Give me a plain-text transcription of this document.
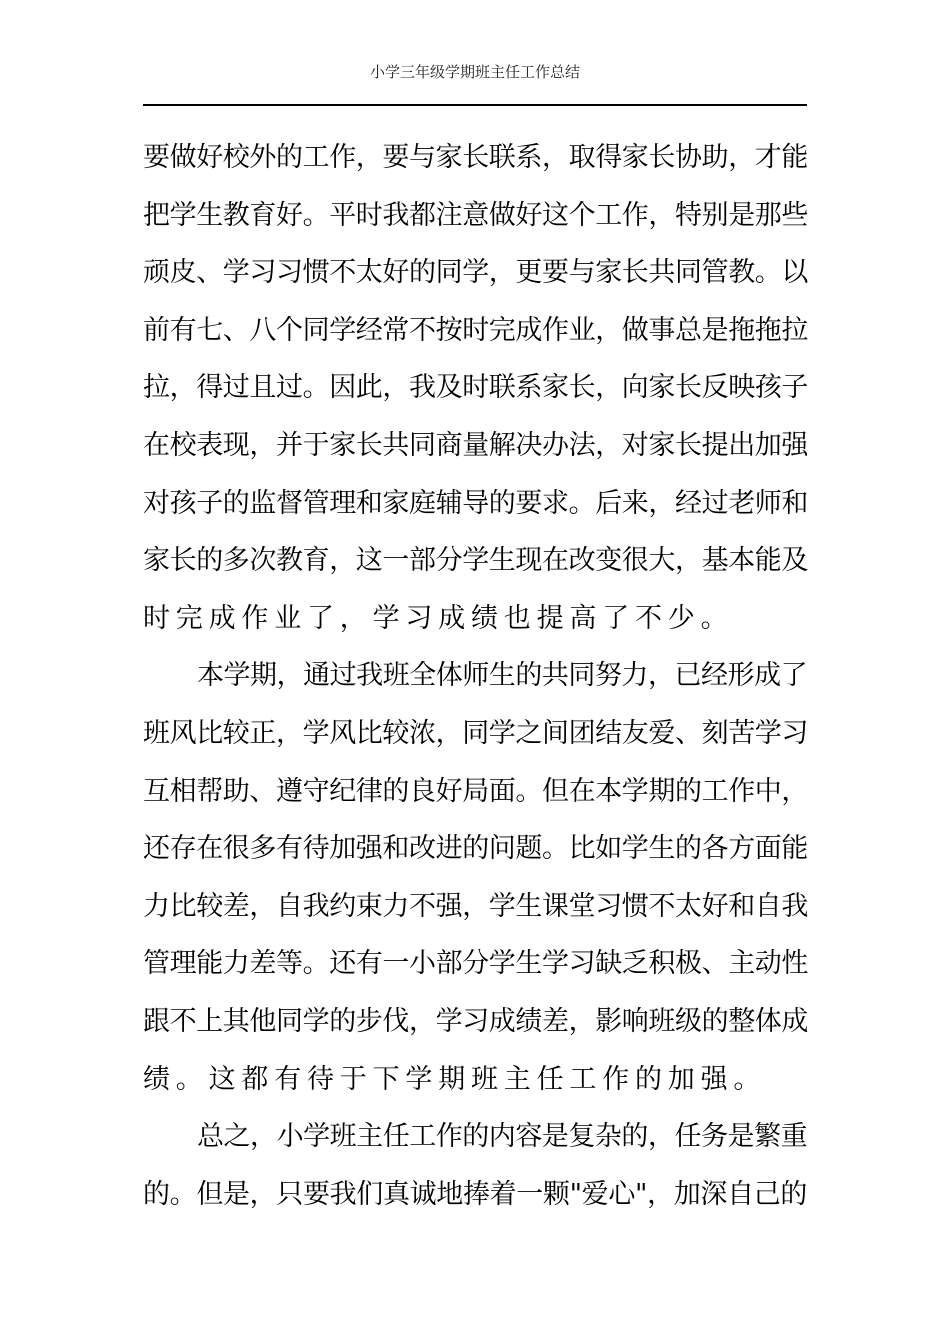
小学三年级学期班主任工作总结
要做好校外的工作，要与家长联系，取得家长协助，才能
把学生教育好。平时我都注意做好这个工作，特别是那些
顽皮、学习习惯不太好的同学，更要与家长共同管教。以
前有七、八个同学经常不按时完成作业，做事总是拖拖拉
拉，得过且过。因此，我及时联系家长，向家长反映孩子
在校表现，并于家长共同商量解决办法，对家长提出加强
对孩子的监督管理和家庭辅导的要求。后来，经过老师和
家长的多次教育，这一部分学生现在改变很大，基本能及
时完成作业了，学习成绩也提高了不少。
本学期，通过我班全体师生的共同努力，已经形成了
班风比较正，学风比较浓，同学之间团结友爱、刻苦学习
互相帮助、遵守纪律的良好局面。但在本学期的工作中，
还存在很多有待加强和改进的问题。比如学生的各方面能
力比较差，自我约束力不强，学生课堂习惯不太好和自我
管理能力差等。还有一小部分学生学习缺乏积极、主动性
跟不上其他同学的步伐，学习成绩差，影响班级的整体成
绩。这都有待于下学期班主任工作的加强。
总之，小学班主任工作的内容是复杂的，任务是繁重
的。但是，只要我们真诚地捧着一颗"爱心"，加深自己的
